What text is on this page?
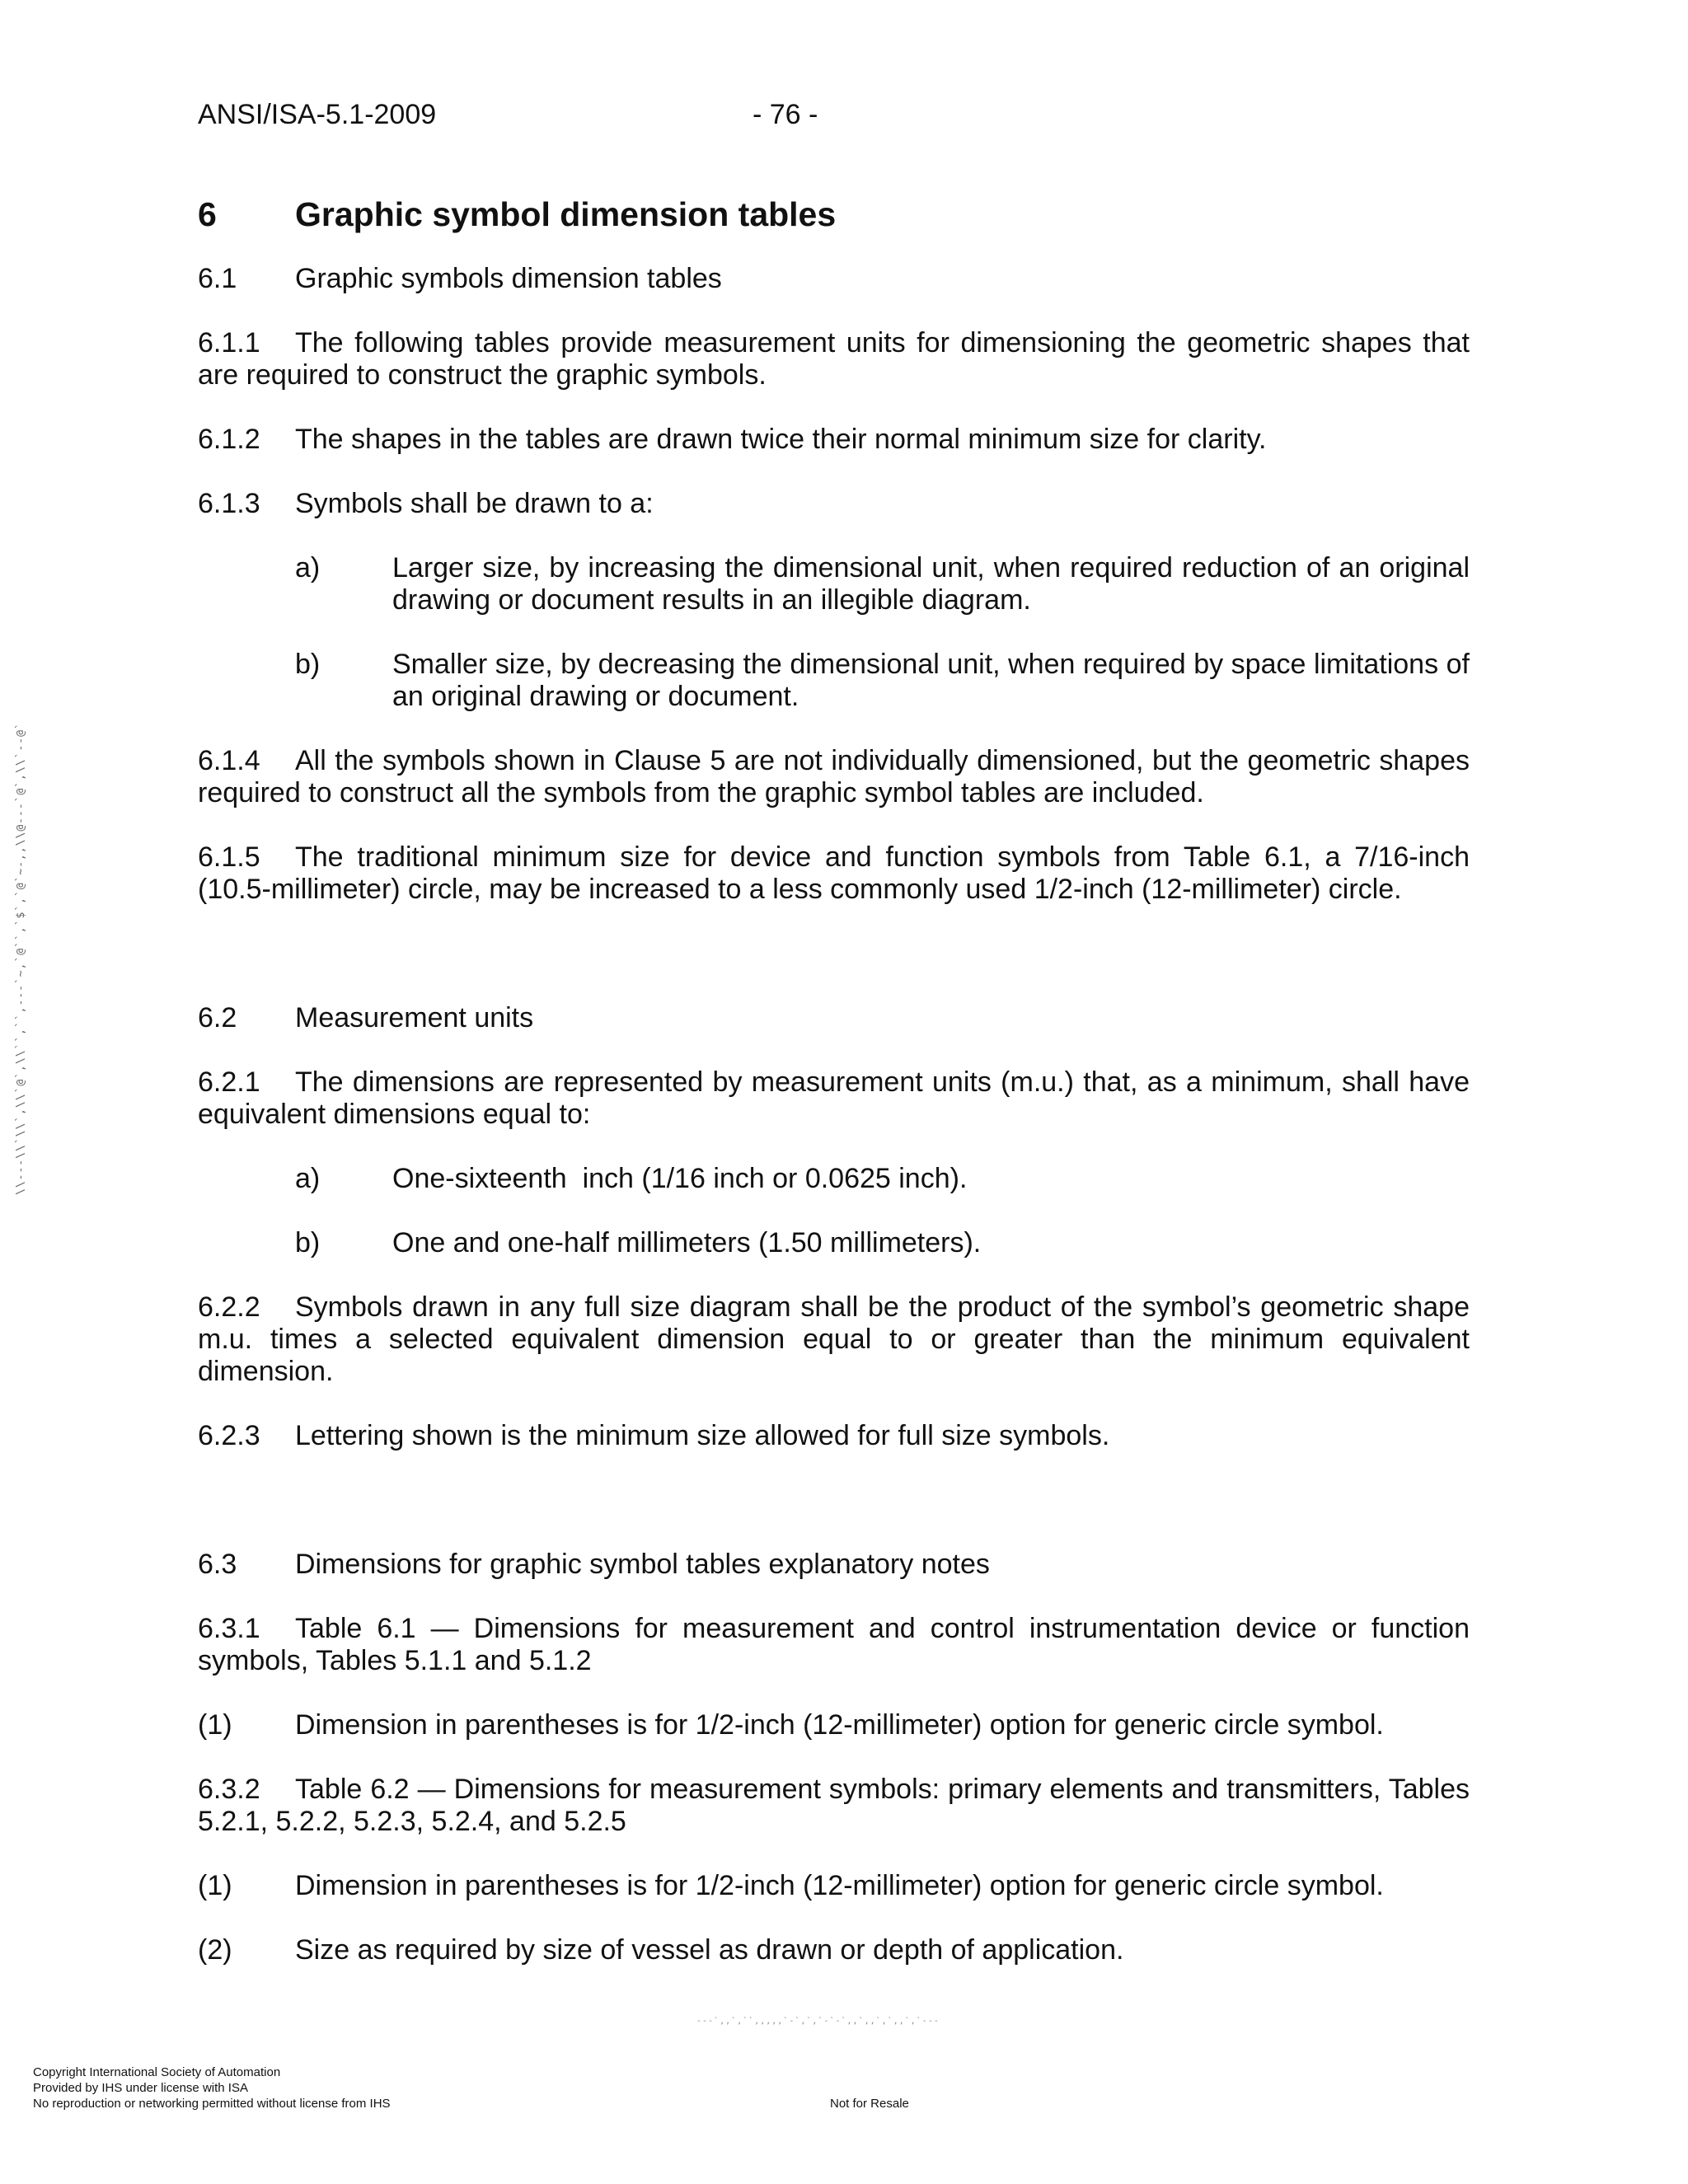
ANSI/ISA-5.1-2009	- 76 -
6	Graphic symbol dimension tables
6.1	Graphic symbols dimension tables

6.1.1 The following tables provide measurement units for dimensioning the geometric shapes that are required to construct the graphic symbols.

6.1.2 The shapes in the tables are drawn twice their normal minimum size for clarity.

6.1.3 Symbols shall be drawn to a:

a)	Larger size, by increasing the dimensional unit, when required reduction of an original drawing or document results in an illegible diagram.
b)	Smaller size, by decreasing the dimensional unit, when required by space limitations of an original drawing or document.

6.1.4 All the symbols shown in Clause 5 are not individually dimensioned, but the geometric shapes required to construct all the symbols from the graphic symbol tables are included.

6.1.5 The traditional minimum size for device and function symbols from Table 6.1, a 7/16-inch (10.5-millimeter) circle, may be increased to a less commonly used 1/2-inch (12-millimeter) circle.

6.2	Measurement units

6.2.1 The dimensions are represented by measurement units (m.u.) that, as a minimum, shall have equivalent dimensions equal to:

a)	One-sixteenth  inch (1/16 inch or 0.0625 inch).
b)	One and one-half millimeters (1.50 millimeters).

6.2.2 Symbols drawn in any full size diagram shall be the product of the symbol’s geometric shape m.u. times a selected equivalent dimension equal to or greater than the minimum equivalent dimension.

6.2.3 Lettering shown is the minimum size allowed for full size symbols.

6.3	Dimensions for graphic symbol tables explanatory notes

6.3.1 Table 6.1 — Dimensions for measurement and control instrumentation device or function symbols, Tables 5.1.1 and 5.1.2

(1)	Dimension in parentheses is for 1/2-inch (12-millimeter) option for generic circle symbol.

6.3.2 Table 6.2 — Dimensions for measurement symbols: primary elements and transmitters, Tables 5.2.1, 5.2.2, 5.2.3, 5.2.4, and 5.2.5

(1)	Dimension in parentheses is for 1/2-inch (12-millimeter) option for generic circle symbol.
(2)	Size as required by size of vessel as drawn or depth of application.
\\---\\`\\`,\\`@`,\\``,``,---`~,`@``,`$`,`@`~-,,\\@---`@`,\\`--@`
---`,,`,``,,,,,`-`,`,`-`-`,,`,,`,`,,`,`---
Copyright International Society of Automation
Provided by IHS under license with ISA
No reproduction or networking permitted without license from IHS	Not for Resale
